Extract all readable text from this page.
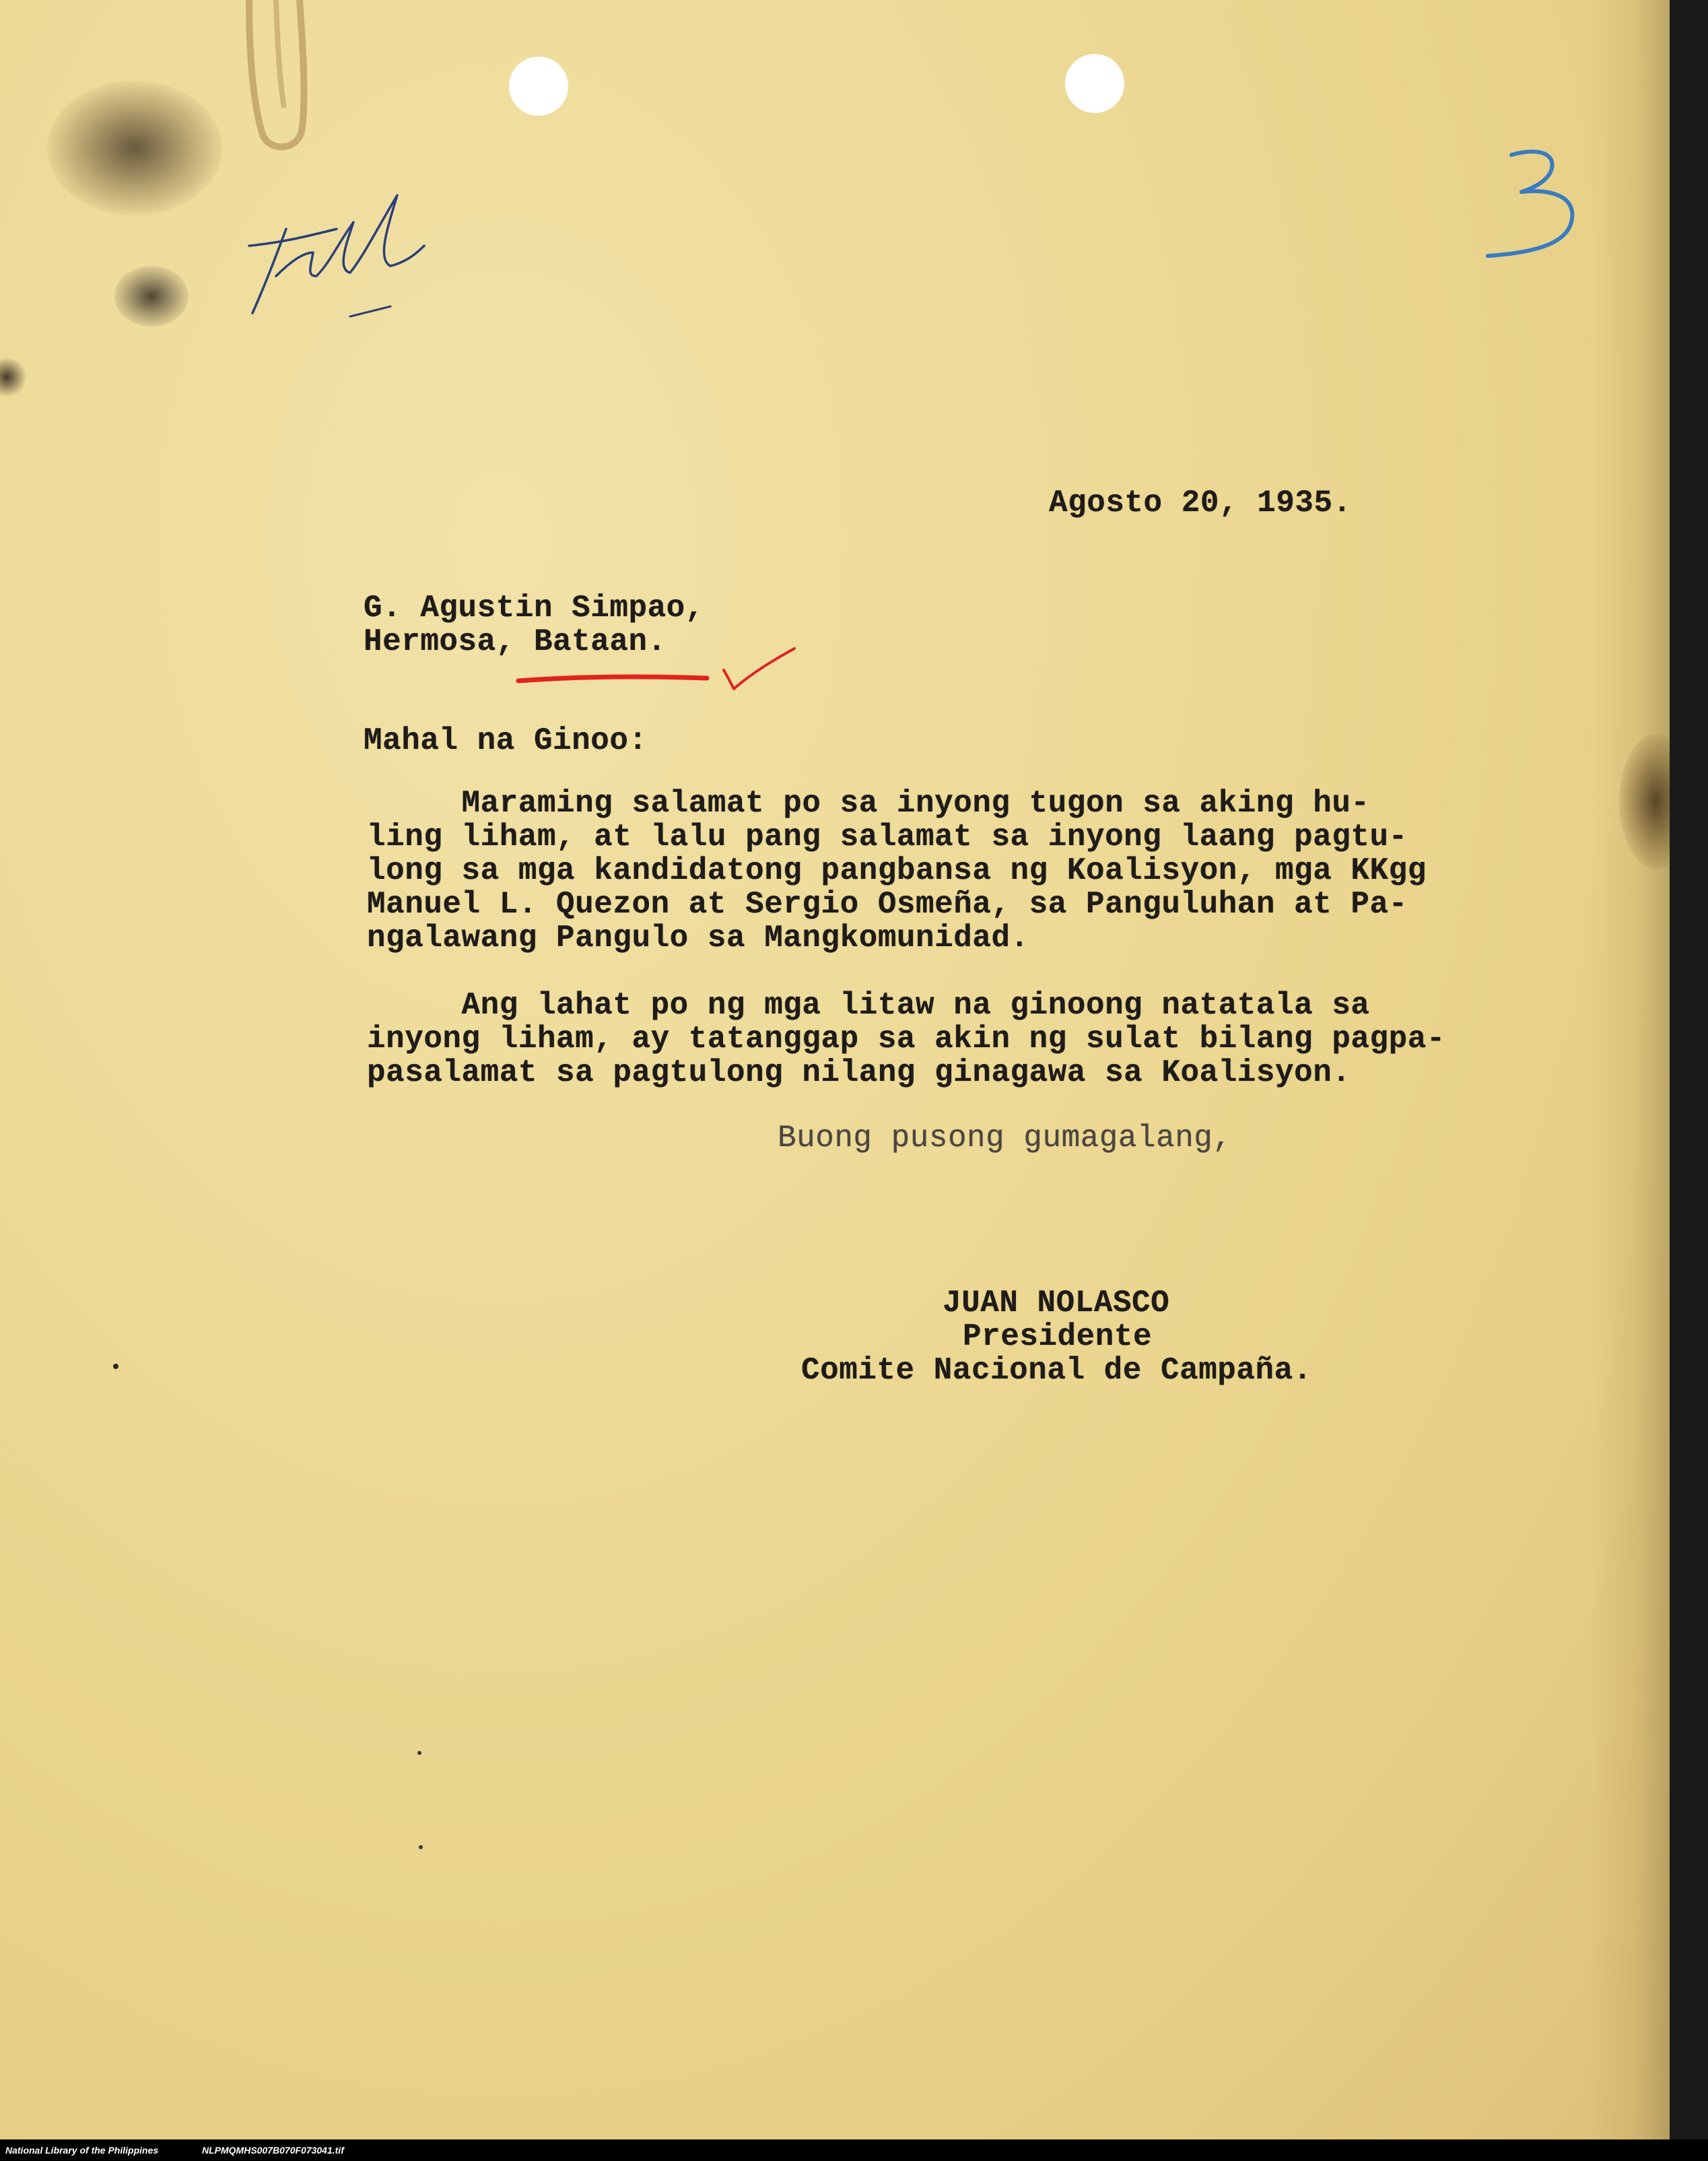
Agosto 20, 1935.
G. Agustin Simpao,
Hermosa, Bataan.
Mahal na Ginoo:
Maraming salamat po sa inyong tugon sa aking hu-
ling liham, at lalu pang salamat sa inyong laang pagtu-
long sa mga kandidatong pangbansa ng Koalisyon, mga KKgg
Manuel L. Quezon at Sergio Osmeña, sa Panguluhan at Pa-
ngalawang Pangulo sa Mangkomunidad.
Ang lahat po ng mga litaw na ginoong natatala sa
inyong liham, ay tatanggap sa akin ng sulat bilang pagpa-
pasalamat sa pagtulong nilang ginagawa sa Koalisyon.
Buong pusong gumagalang,
JUAN NOLASCO
Presidente
Comite Nacional de Campaña.
National Library of the Philippines	NLPMQMHS007B070F073041.tif
